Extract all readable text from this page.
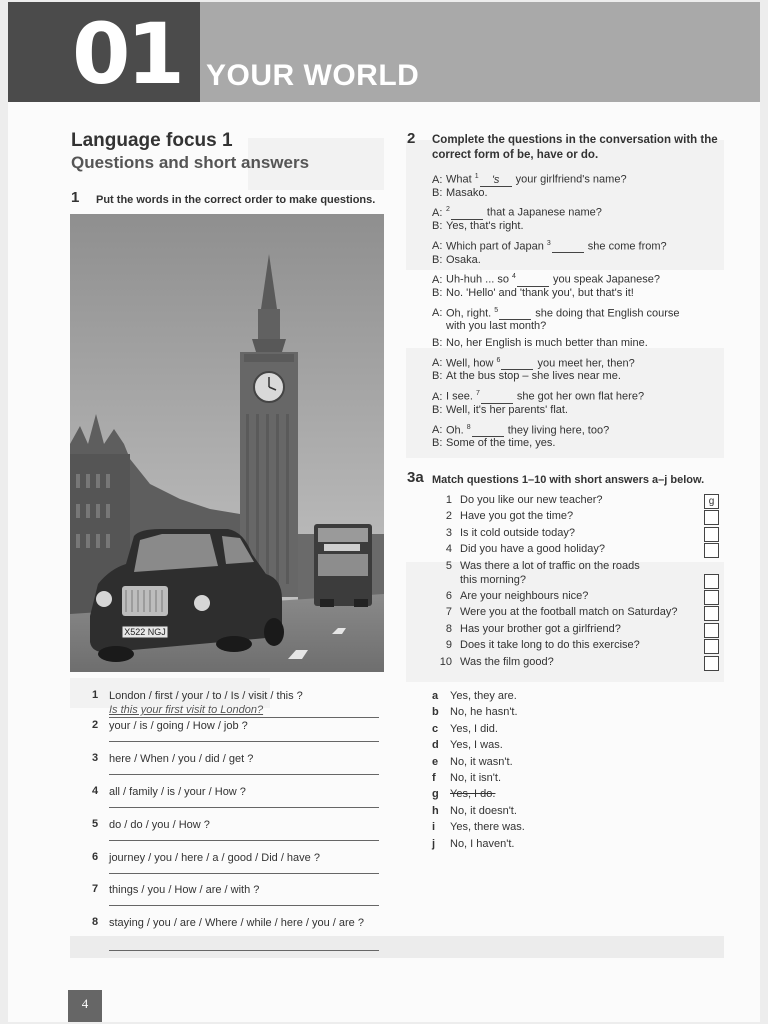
01 YOUR WORLD
Language focus 1
Questions and short answers
1 Put the words in the correct order to make questions.
X522 NGJ
1 London / first / your / to / Is / visit / this ?
Is this your first visit to London?
2 your / is / going / How / job ?
3 here / When / you / did / get ?
4 all / family / is / your / How ?
5 do / do / you / How ?
6 journey / you / here / a / good / Did / have ?
7 things / you / How / are / with ?
8 staying / you / are / Where / while / here / you / are ?
2 Complete the questions in the conversation with the correct form of be, have or do.
A: What $^1$ 's your girlfriend's name?
B: Masako.
A: $^2$	that a Japanese name?
B: Yes, that's right.
A: Which part of Japan $^3$	she come from?
B: Osaka.
A: Uh-huh ... so $^4$	you speak Japanese?
B: No. 'Hello' and 'thank you', but that's it!
A: Oh, right. $^5$	she doing that English course
with you last month?
B: No, her English is much better than mine.
A: Well, how $^6$	you meet her, then?
B: At the bus stop – she lives near me.
A: I see. $^7$	she got her own flat here?
B: Well, it's her parents' flat.
A: Oh. $^8$	they living here, too?
B: Some of the time, yes.
3a Match questions 1–10 with short answers a–j below.
1 Do you like our new teacher?	g
2 Have you got the time?
3 Is it cold outside today?
4 Did you have a good holiday?
5 Was there a lot of traffic on the roads
this morning?
6 Are your neighbours nice?
7 Were you at the football match on Saturday?
8 Has your brother got a girlfriend?
9 Does it take long to do this exercise?
10 Was the film good?
a	Yes, they are.
b	No, he hasn't.
c	Yes, I did.
d	Yes, I was.
e	No, it wasn't.
f	No, it isn't.
g	Yes, I do.
h	No, it doesn't.
i	Yes, there was.
j	No, I haven't.
4
